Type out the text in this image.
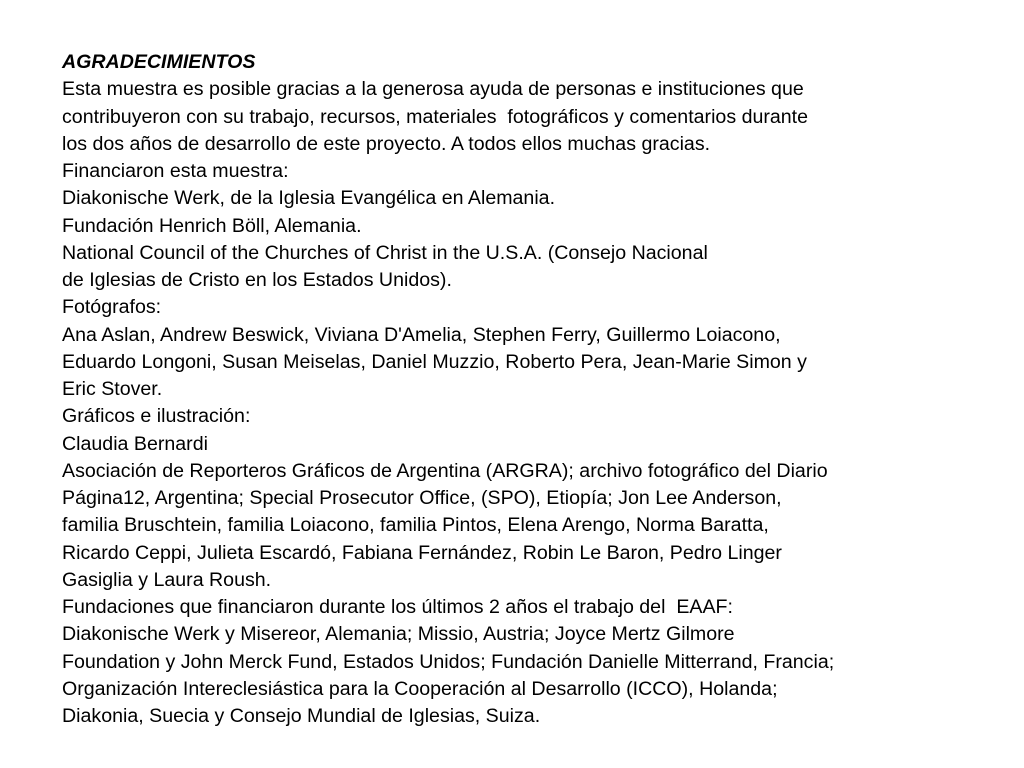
AGRADECIMIENTOS
Esta muestra es posible gracias a la generosa ayuda de personas e instituciones que
contribuyeron con su trabajo, recursos, materiales  fotográficos y comentarios durante
los dos años de desarrollo de este proyecto. A todos ellos muchas gracias.
Financiaron esta muestra:
Diakonische Werk, de la Iglesia Evangélica en Alemania.
Fundación Henrich Böll, Alemania.
National Council of the Churches of Christ in the U.S.A. (Consejo Nacional
de Iglesias de Cristo en los Estados Unidos).
Fotógrafos:
Ana Aslan, Andrew Beswick, Viviana D'Amelia, Stephen Ferry, Guillermo Loiacono,
Eduardo Longoni, Susan Meiselas, Daniel Muzzio, Roberto Pera, Jean-Marie Simon y
Eric Stover.
Gráficos e ilustración:
Claudia Bernardi
Asociación de Reporteros Gráficos de Argentina (ARGRA); archivo fotográfico del Diario
Página12, Argentina; Special Prosecutor Office, (SPO), Etiopía; Jon Lee Anderson,
familia Bruschtein, familia Loiacono, familia Pintos, Elena Arengo, Norma Baratta,
Ricardo Ceppi, Julieta Escardó, Fabiana Fernández, Robin Le Baron, Pedro Linger
Gasiglia y Laura Roush.
Fundaciones que financiaron durante los últimos 2 años el trabajo del  EAAF:
Diakonische Werk y Misereor, Alemania; Missio, Austria; Joyce Mertz Gilmore
Foundation y John Merck Fund, Estados Unidos; Fundación Danielle Mitterrand, Francia;
Organización Intereclesiástica para la Cooperación al Desarrollo (ICCO), Holanda;
Diakonia, Suecia y Consejo Mundial de Iglesias, Suiza.
